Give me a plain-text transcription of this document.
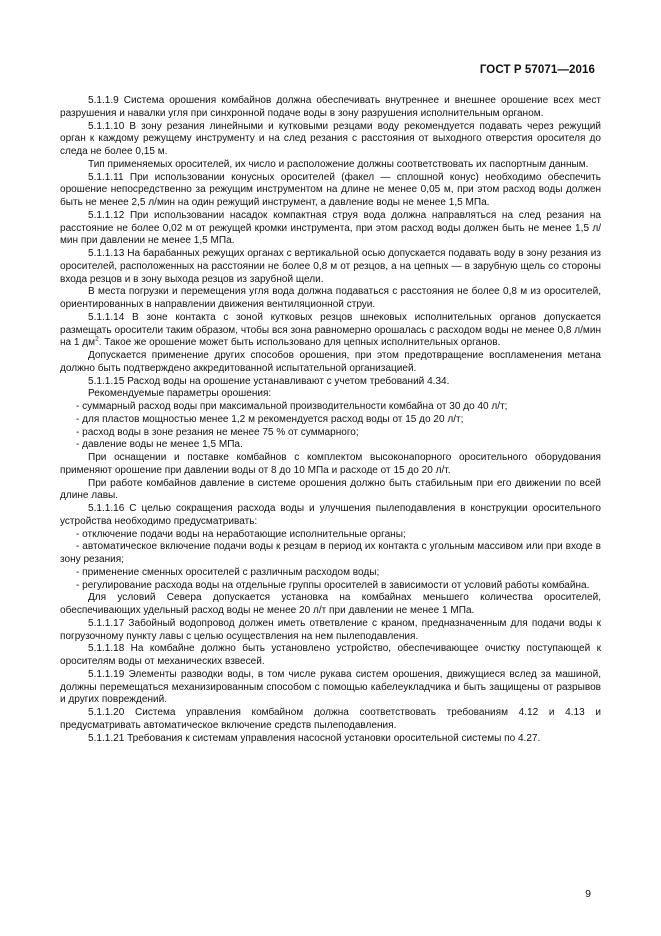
ГОСТ Р 57071—2016

5.1.1.9 Система орошения комбайнов должна обеспечивать внутреннее и внешнее орошение всех мест разрушения и навалки угля при синхронной подаче воды в зону разрушения исполнительным органом.

5.1.1.10 В зону резания линейными и кутковыми резцами воду рекомендуется подавать через режущий орган к каждому режущему инструменту и на след резания с расстояния от выходного отверстия оросителя до следа не более 0,15 м.

Тип применяемых оросителей, их число и расположение должны соответствовать их паспортным данным.

5.1.1.11 При использовании конусных оросителей (факел — сплошной конус) необходимо обеспечить орошение непосредственно за режущим инструментом на длине не менее 0,05 м, при этом расход воды должен быть не менее 2,5 л/мин на один режущий инструмент, а давление воды не менее 1,5 МПа.

5.1.1.12 При использовании насадок компактная струя вода должна направляться на след резания на расстояние не более 0,02 м от режущей кромки инструмента, при этом расход воды должен быть не менее 1,5 л/мин при давлении не менее 1,5 МПа.

5.1.1.13 На барабанных режущих органах с вертикальной осью допускается подавать воду в зону резания из оросителей, расположенных на расстоянии не более 0,8 м от резцов, а на цепных — в зарубную щель со стороны входа резцов и в зону выхода резцов из зарубной щели.

В места погрузки и перемещения угля вода должна подаваться с расстояния не более 0,8 м из оросителей, ориентированных в направлении движения вентиляционной струи.

5.1.1.14 В зоне контакта с зоной кутковых резцов шнековых исполнительных органов допускается размещать оросители таким образом, чтобы вся зона равномерно орошалась с расходом воды не менее 0,8 л/мин на 1 $дм^2$. Такое же орошение может быть использовано для цепных исполнительных органов.

Допускается применение других способов орошения, при этом предотвращение воспламенения метана должно быть подтверждено аккредитованной испытательной организацией.

5.1.1.15 Расход воды на орошение устанавливают с учетом требований 4.34.

Рекомендуемые параметры орошения:

- суммарный расход воды при максимальной производительности комбайна от 30 до 40 л/т;

- для пластов мощностью менее 1,2 м рекомендуется расход воды от 15 до 20 л/т;

- расход воды в зоне резания не менее 75 % от суммарного;

- давление воды не менее 1,5 МПа.

При оснащении и поставке комбайнов с комплектом высоконапорного оросительного оборудования применяют орошение при давлении воды от 8 до 10 МПа и расходе от 15 до 20 л/т.

При работе комбайнов давление в системе орошения должно быть стабильным при его движении по всей длине лавы.

5.1.1.16 С целью сокращения расхода воды и улучшения пылеподавления в конструкции оросительного устройства необходимо предусматривать:

- отключение подачи воды на неработающие исполнительные органы;

- автоматическое включение подачи воды к резцам в период их контакта с угольным массивом или при входе в зону резания;

- применение сменных оросителей с различным расходом воды;

- регулирование расхода воды на отдельные группы оросителей в зависимости от условий работы комбайна.

Для условий Севера допускается установка на комбайнах меньшего количества оросителей, обеспечивающих удельный расход воды не менее 20 л/т при давлении не менее 1 МПа.

5.1.1.17 Забойный водопровод должен иметь ответвление с краном, предназначенным для подачи воды к погрузочному пункту лавы с целью осуществления на нем пылеподавления.

5.1.1.18 На комбайне должно быть установлено устройство, обеспечивающее очистку поступающей к оросителям воды от механических взвесей.

5.1.1.19 Элементы разводки воды, в том числе рукава систем орошения, движущиеся вслед за машиной, должны перемещаться механизированным способом с помощью кабелеукладчика и быть защищены от разрывов и других повреждений.

5.1.1.20 Система управления комбайном должна соответствовать требованиям 4.12 и 4.13 и предусматривать автоматическое включение средств пылеподавления.

5.1.1.21 Требования к системам управления насосной установки оросительной системы по 4.27.

9
